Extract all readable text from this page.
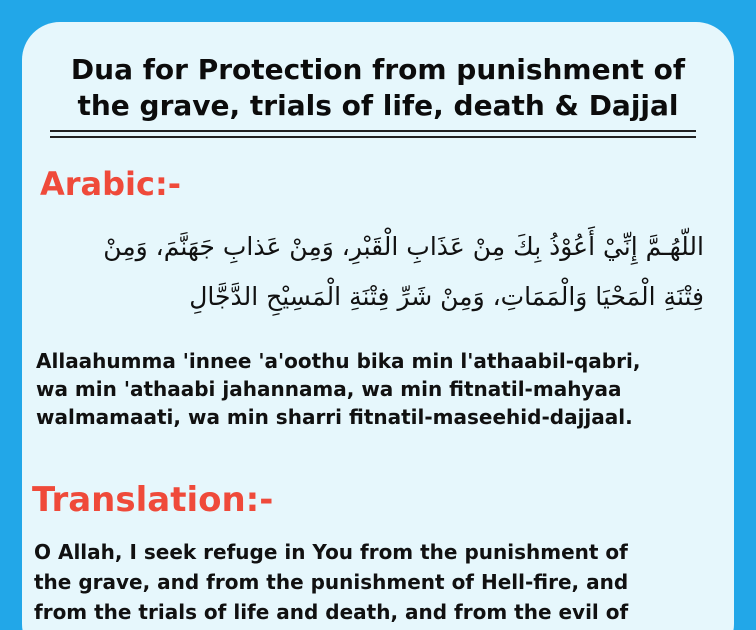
Dua for Protection from punishment of
the grave, trials of life, death & Dajjal
Arabic:-

اللّهُـمَّ إِنِّيْ أَعُوْذُ بِكَ مِنْ عَذَابِ الْقَبْرِ، وَمِنْ عَذابِ جَهَنَّمَ، وَمِنْ
فِتْنَةِ الْمَحْيَا وَالْمَمَاتِ، وَمِنْ شَرِّ فِتْنَةِ الْمَسِيْحِ الدَّجَّالِ

Allaahumma 'innee 'a'oothu bika min l'athaabil-qabri,
wa min 'athaabi jahannama, wa min fitnatil-mahyaa
walmamaati, wa min sharri fitnatil-maseehid-dajjaal.

Translation:-

O Allah, I seek refuge in You from the punishment of
the grave, and from the punishment of Hell-fire, and
from the trials of life and death, and from the evil of
